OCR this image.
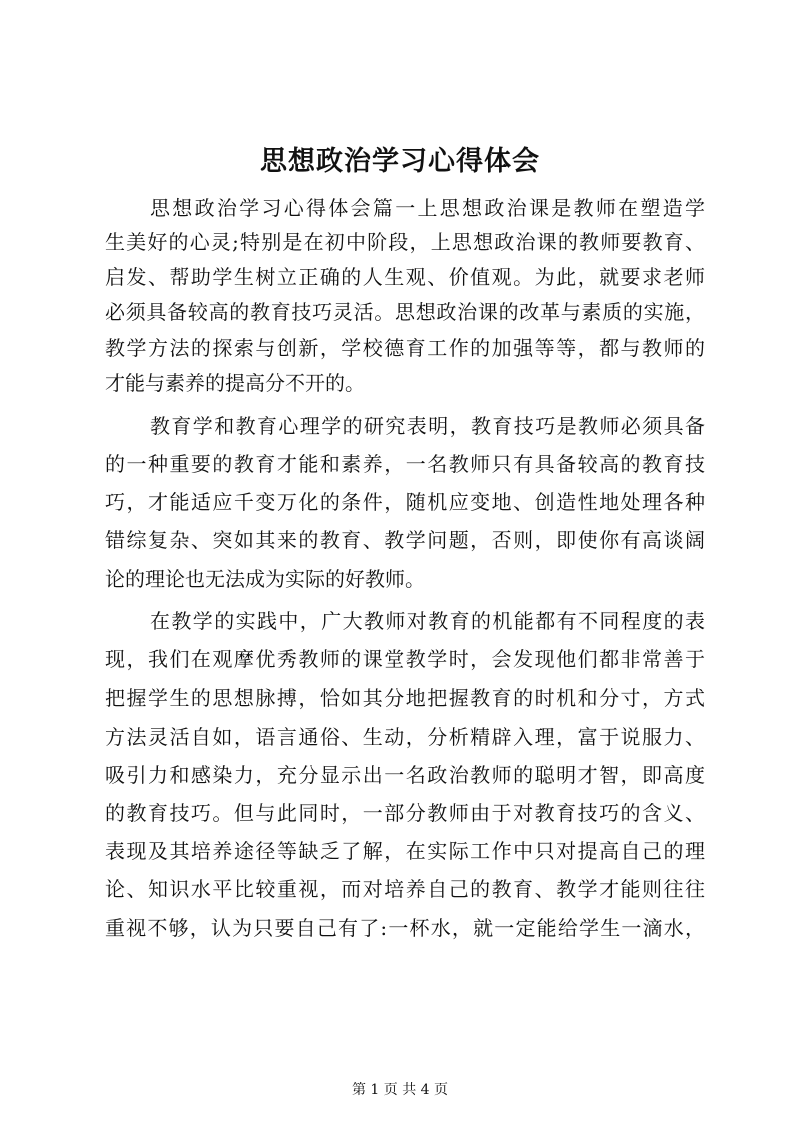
思想政治学习心得体会
思想政治学习心得体会篇一上思想政治课是教师在塑造学
生美好的心灵;特别是在初中阶段，上思想政治课的教师要教育、
启发、帮助学生树立正确的人生观、价值观。为此，就要求老师
必须具备较高的教育技巧灵活。思想政治课的改革与素质的实施，
教学方法的探索与创新，学校德育工作的加强等等，都与教师的
才能与素养的提高分不开的。
教育学和教育心理学的研究表明，教育技巧是教师必须具备
的一种重要的教育才能和素养，一名教师只有具备较高的教育技
巧，才能适应千变万化的条件，随机应变地、创造性地处理各种
错综复杂、突如其来的教育、教学问题，否则，即使你有高谈阔
论的理论也无法成为实际的好教师。
在教学的实践中，广大教师对教育的机能都有不同程度的表
现，我们在观摩优秀教师的课堂教学时，会发现他们都非常善于
把握学生的思想脉搏，恰如其分地把握教育的时机和分寸，方式
方法灵活自如，语言通俗、生动，分析精辟入理，富于说服力、
吸引力和感染力，充分显示出一名政治教师的聪明才智，即高度
的教育技巧。但与此同时，一部分教师由于对教育技巧的含义、
表现及其培养途径等缺乏了解，在实际工作中只对提高自己的理
论、知识水平比较重视，而对培养自己的教育、教学才能则往往
重视不够，认为只要自己有了:一杯水，就一定能给学生一滴水，
第 1 页 共 4 页
